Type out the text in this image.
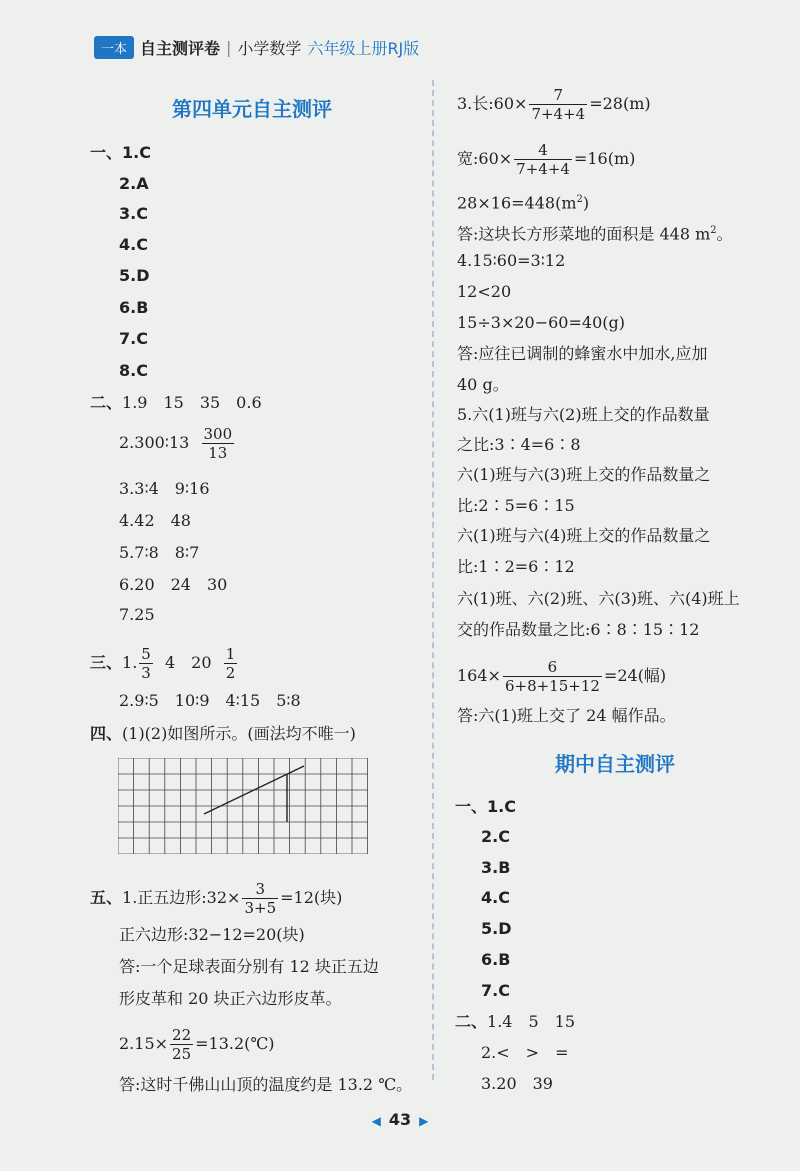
一本 自主测评卷 | 小学数学 六年级上册RJ版
第四单元自主测评
一、1.C
2.A
3.C
4.C
5.D
6.B
7.C
8.C
二、1.9　15　35　0.6
2.300∶13 $\frac{300}{13}$
3.3∶4　9∶16
4.42　48
5.7∶8　8∶7
6.20　24　30
7.25
三、1. $\frac{5}{3} 4$　$20 \frac{1}{2}$
2.9∶5　10∶9　4∶15　5∶8
四、(1)(2)如图所示。(画法均不唯一)
五、1.正五边形:32× $\frac{3}{3+5} =12$(块)
正六边形:32−12=20(块)
答:一个足球表面分别有 12 块正五边
形皮革和 20 块正六边形皮革。
$2.15\times \frac{22}{25}$ =13.2(℃)
答:这时千佛山山顶的温度约是 13.2 ℃。
3.长:60× $\frac{7}{7+4+4} =28(m)$
宽:60× $\frac{4}{7+4+4} =16(m)$
$28\times 16=448(m^2)$
答:这块长方形菜地的面积是 448 $m^2$。
4.15∶60=3∶12
12<20
15÷3×20−60=40(g)
答:应往已调制的蜂蜜水中加水,应加
40 g。
5.六(1)班与六(2)班上交的作品数量
之比:3∶4=6∶8
六(1)班与六(3)班上交的作品数量之
比:2∶5=6∶15
六(1)班与六(4)班上交的作品数量之
比:1∶2=6∶12
六(1)班、六(2)班、六(3)班、六(4)班上
交的作品数量之比:6∶8∶15∶12
$164\times \frac{6}{6+8+15+12} =24$(幅)
答:六(1)班上交了 24 幅作品。
期中自主测评
一、1.C
2.C
3.B
4.C
5.D
6.B
7.C
二、1.4　5　15
2.<　>　=
3.20　39
◀ 43 ▶
